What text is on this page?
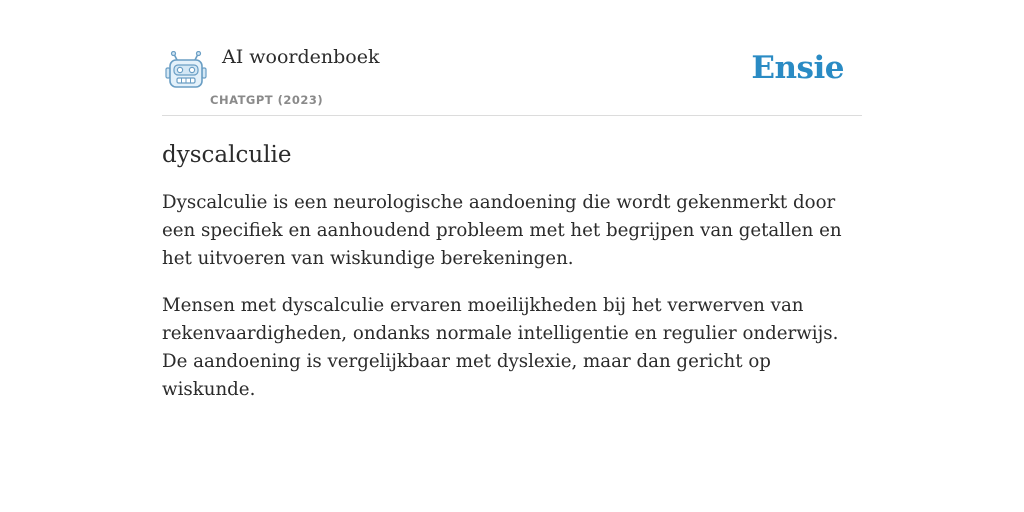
AI woordenboek
CHATGPT (2023)
Ensie
dyscalculie

Dyscalculie is een neurologische aandoening die wordt gekenmerkt door een specifiek en aanhoudend probleem met het begrijpen van getallen en het uitvoeren van wiskundige berekeningen.

Mensen met dyscalculie ervaren moeilijkheden bij het verwerven van rekenvaardigheden, ondanks normale intelligentie en regulier onderwijs. De aandoening is vergelijkbaar met dyslexie, maar dan gericht op wiskunde.
